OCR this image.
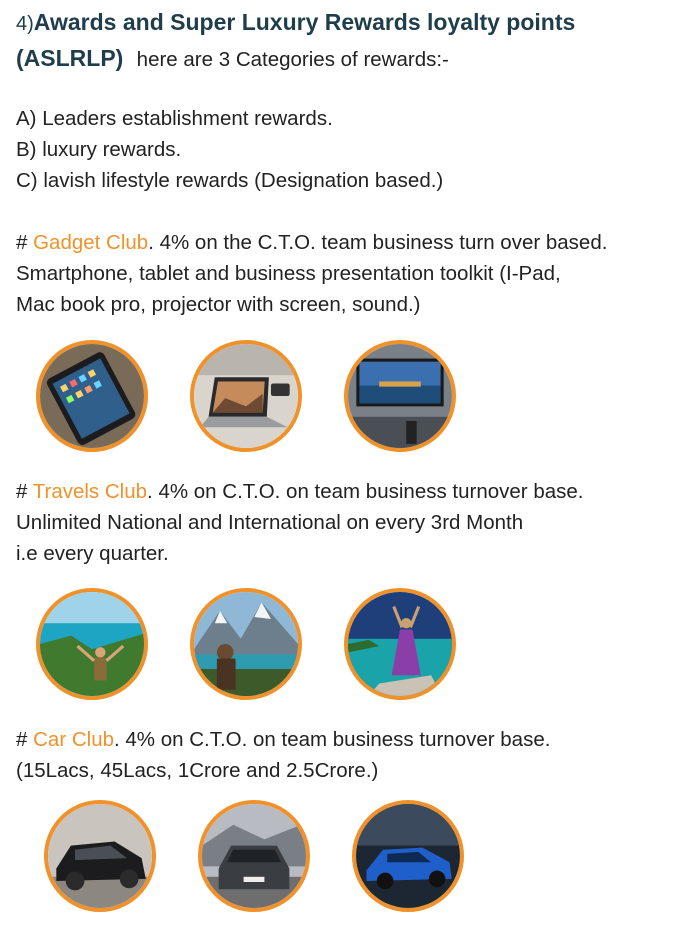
4)Awards and Super Luxury Rewards loyalty points
(ASLRLP) here are 3 Categories of rewards:-
A) Leaders establishment rewards.
B) luxury rewards.
C) lavish lifestyle rewards (Designation based.)
# Gadget Club. 4% on the C.T.O. team business turn over based.
Smartphone, tablet and business presentation toolkit (I-Pad,
Mac book pro, projector with screen, sound.)
# Travels Club. 4% on C.T.O. on team business turnover base.
Unlimited National and International on every 3rd Month
i.e every quarter.
# Car Club. 4% on C.T.O. on team business turnover base.
(15Lacs, 45Lacs, 1Crore and 2.5Crore.)
